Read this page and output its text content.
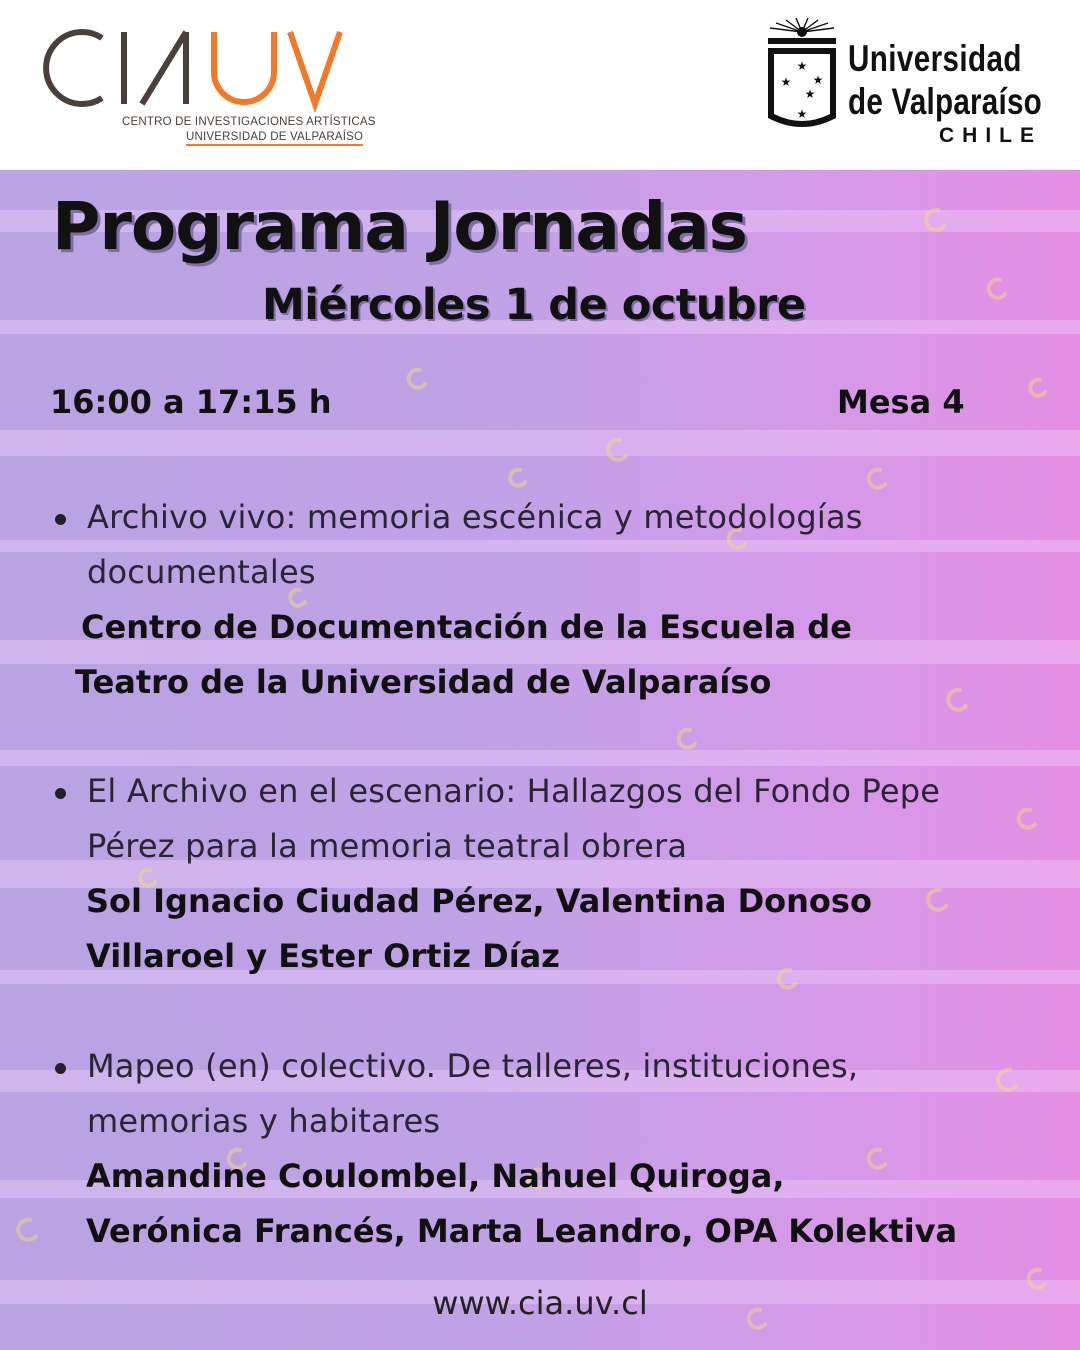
CENTRO DE INVESTIGACIONES ARTÍSTICAS
UNIVERSIDAD DE VALPARAÍSO
★
★ ★
★
★
Universidad
de Valparaíso
CHILE
Programa Jornadas
Miércoles 1 de octubre
16:00 a 17:15 h	Mesa 4
Archivo vivo: memoria escénica y metodologías
documentales
Centro de Documentación de la Escuela de
Teatro de la Universidad de Valparaíso
El Archivo en el escenario: Hallazgos del Fondo Pepe
Pérez para la memoria teatral obrera
Sol Ignacio Ciudad Pérez, Valentina Donoso
Villaroel y Ester Ortiz Díaz
Mapeo (en) colectivo. De talleres, instituciones,
memorias y habitares
Amandine Coulombel, Nahuel Quiroga,
Verónica Francés, Marta Leandro, OPA Kolektiva
www.cia.uv.cl
